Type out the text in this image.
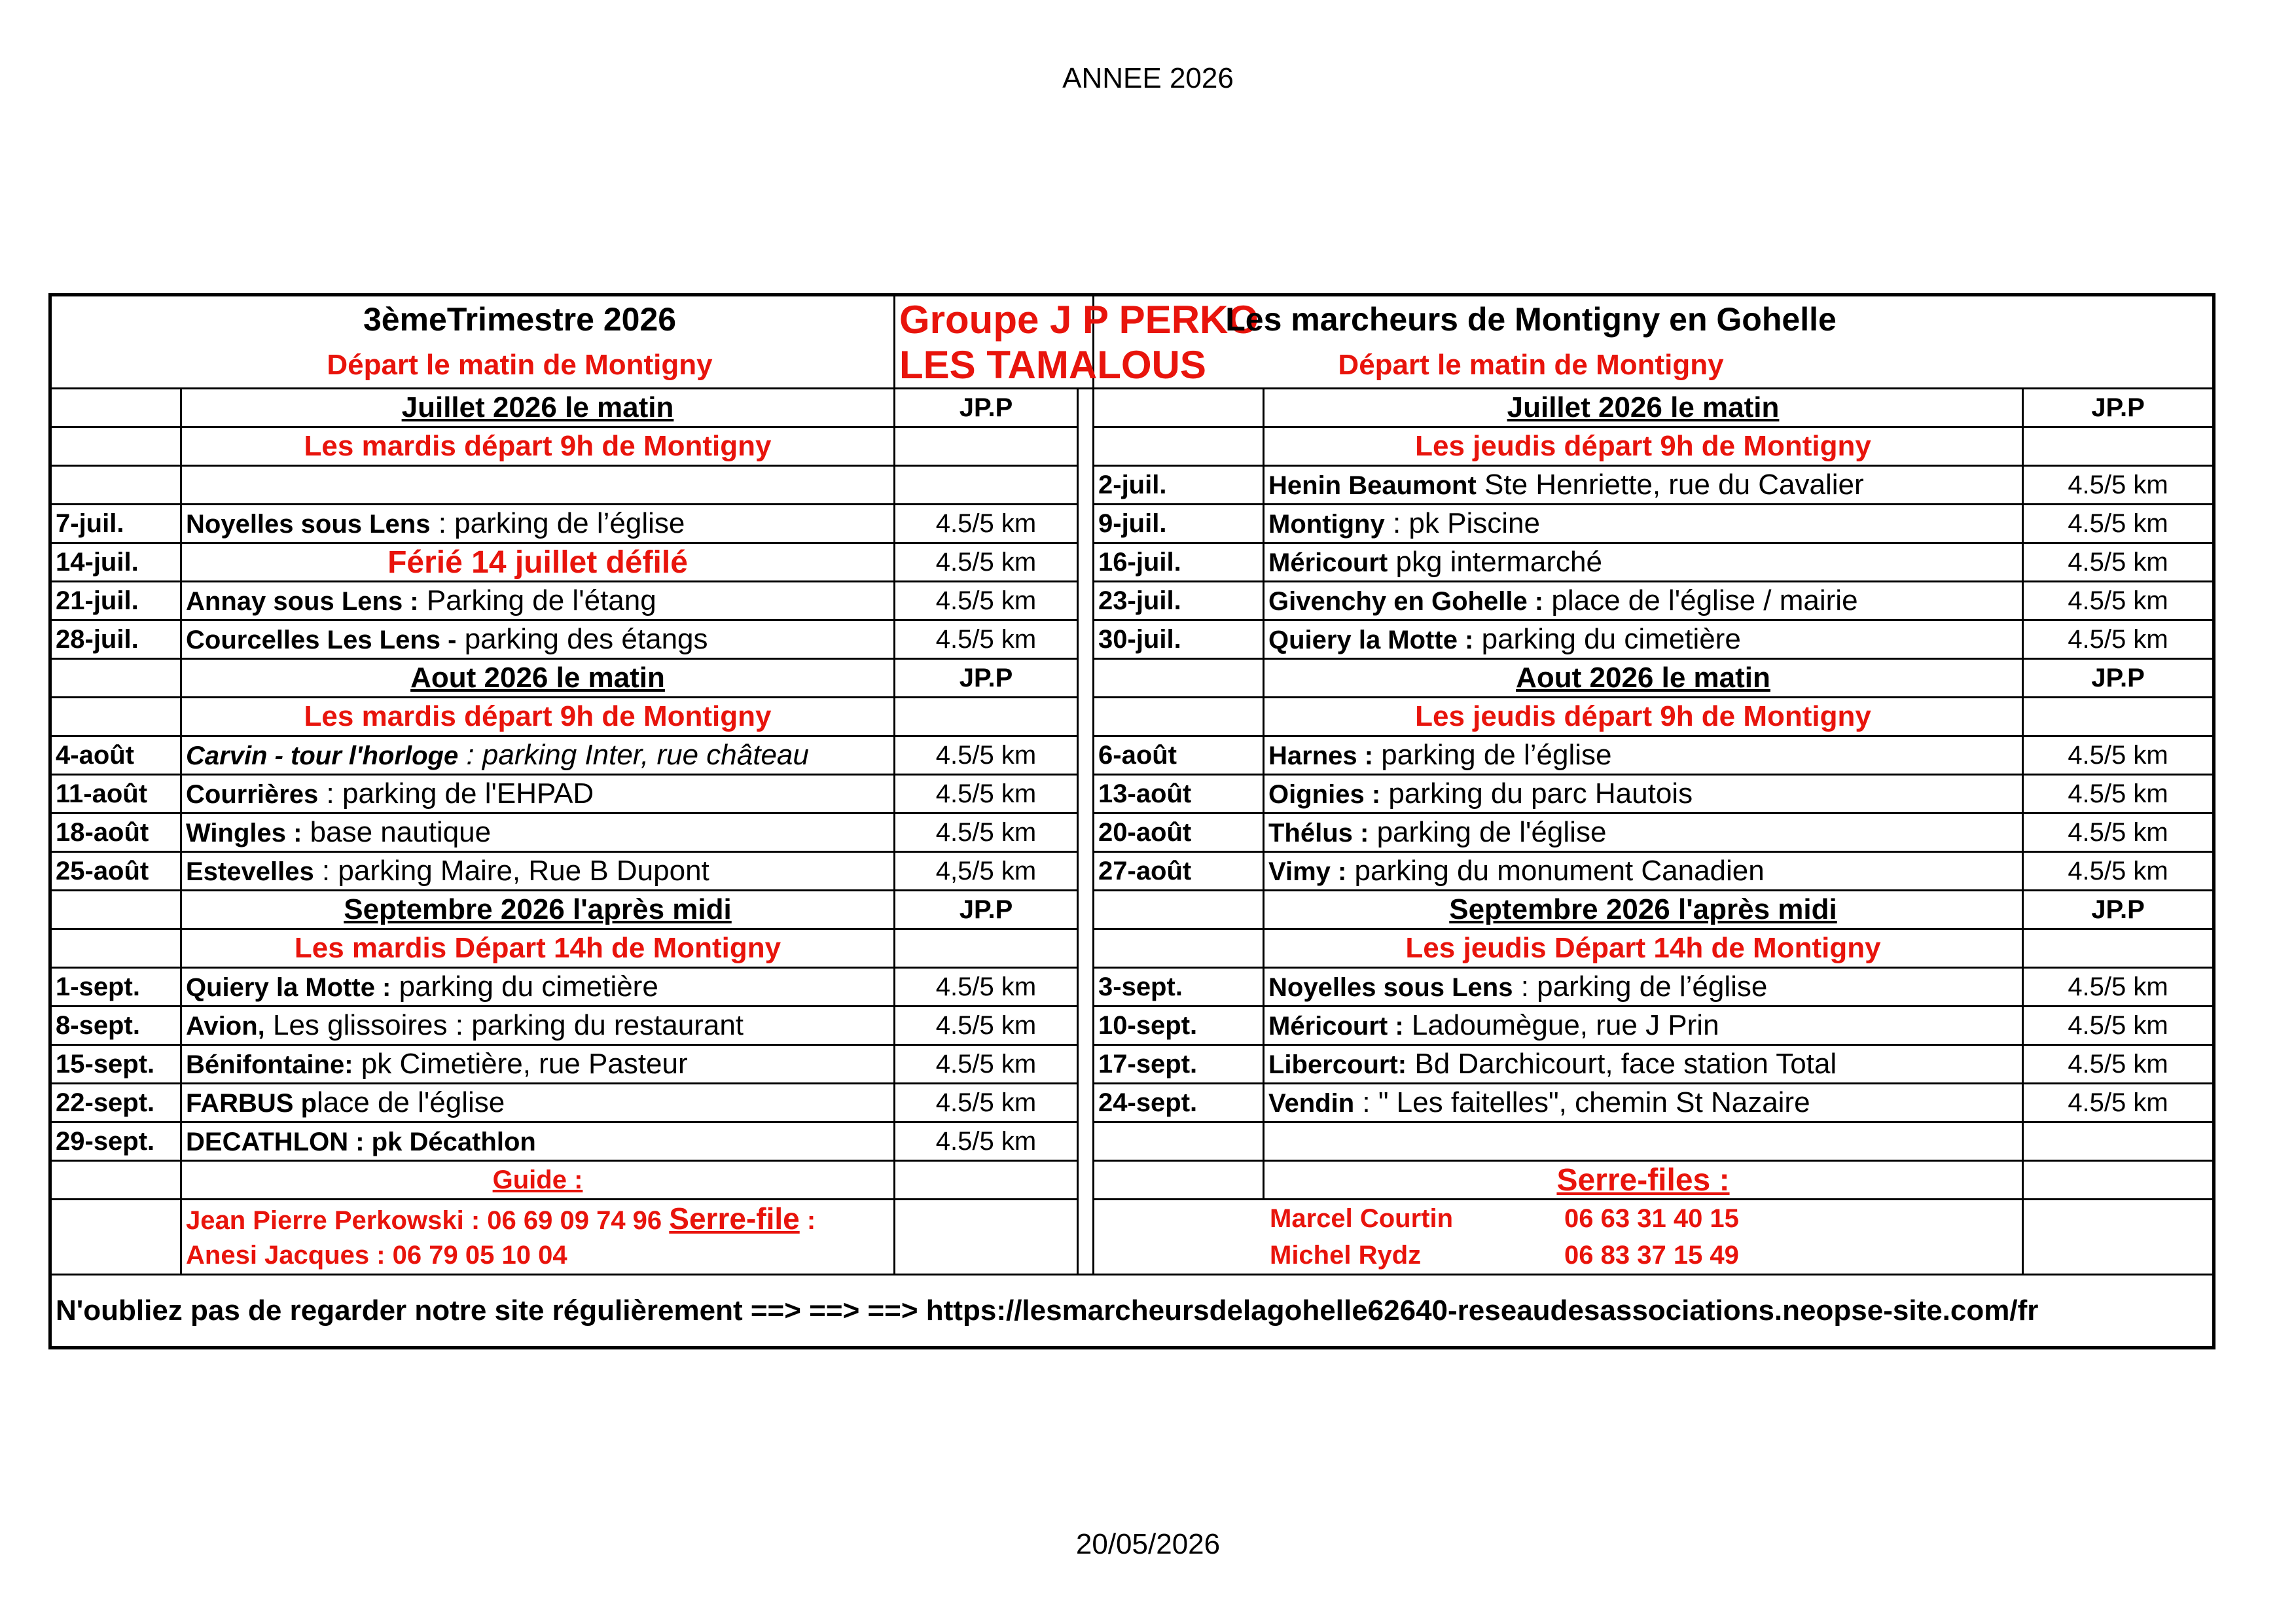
ANNEE 2026
3èmeTrimestre 2026		Groupe J P PERKO		Les marcheurs de Montigny en Gohelle		
Départ le matin de Montigny		LES TAMALOUS		Départ le matin de Montigny		
	Juillet 2026 le matin	JP.P			Juillet 2026 le matin	JP.P
	Les mardis départ 9h de Montigny				Les jeudis départ 9h de Montigny	
				2-juil.	Henin Beaumont Ste Henriette, rue du Cavalier	4.5/5 km
7-juil.	Noyelles sous Lens : parking de l’église	4.5/5 km		9-juil.	Montigny : pk Piscine	4.5/5 km
14-juil.	Férié 14 juillet défilé	4.5/5 km		16-juil.	Méricourt pkg intermarché	4.5/5 km
21-juil.	Annay sous Lens : Parking de l'étang	4.5/5 km		23-juil.	Givenchy en Gohelle : place de l'église / mairie	4.5/5 km
28-juil.	Courcelles Les Lens - parking des étangs	4.5/5 km		30-juil.	Quiery la Motte : parking du cimetière	4.5/5 km
	Aout 2026 le matin	JP.P			Aout 2026 le matin	JP.P
	Les mardis départ 9h de Montigny				Les jeudis départ 9h de Montigny	
4-août	Carvin - tour l'horloge : parking Inter, rue château	4.5/5 km		6-août	Harnes : parking de l’église	4.5/5 km
11-août	Courrières : parking de l'EHPAD	4.5/5 km		13-août	Oignies : parking du parc Hautois	4.5/5 km
18-août	Wingles : base nautique	4.5/5 km		20-août	Thélus : parking de l'église	4.5/5 km
25-août	Estevelles : parking Maire, Rue B Dupont	4,5/5 km		27-août	Vimy : parking du monument Canadien	4.5/5 km
	Septembre 2026 l'après midi	JP.P			Septembre 2026 l'après midi	JP.P
	Les mardis Départ 14h de Montigny				Les jeudis Départ 14h de Montigny	
1-sept.	Quiery la Motte : parking du cimetière	4.5/5 km		3-sept.	Noyelles sous Lens : parking de l’église	4.5/5 km
8-sept.	Avion, Les glissoires : parking du restaurant	4.5/5 km		10-sept.	Méricourt : Ladoumègue, rue J Prin	4.5/5 km
15-sept.	Bénifontaine: pk Cimetière, rue Pasteur	4.5/5 km		17-sept.	Libercourt: Bd Darchicourt, face station Total	4.5/5 km
22-sept.	FARBUS place de l'église	4.5/5 km		24-sept.	Vendin : " Les faitelles", chemin St Nazaire	4.5/5 km
29-sept.	DECATHLON : pk Décathlon	4.5/5 km				
	Guide :				Serre-files :	
	Jean Pierre Perkowski : 06 69 09 74 96 Serre-file :			Marcel Courtin 06 63 31 40 15		
	Anesi Jacques : 06 79 05 10 04			Michel Rydz 06 83 37 15 49		
N'oubliez pas de regarder notre site régulièrement ==> ==> ==> https://lesmarcheursdelagohelle62640-reseaudesassociations.neopse-site.com/fr						
20/05/2026
